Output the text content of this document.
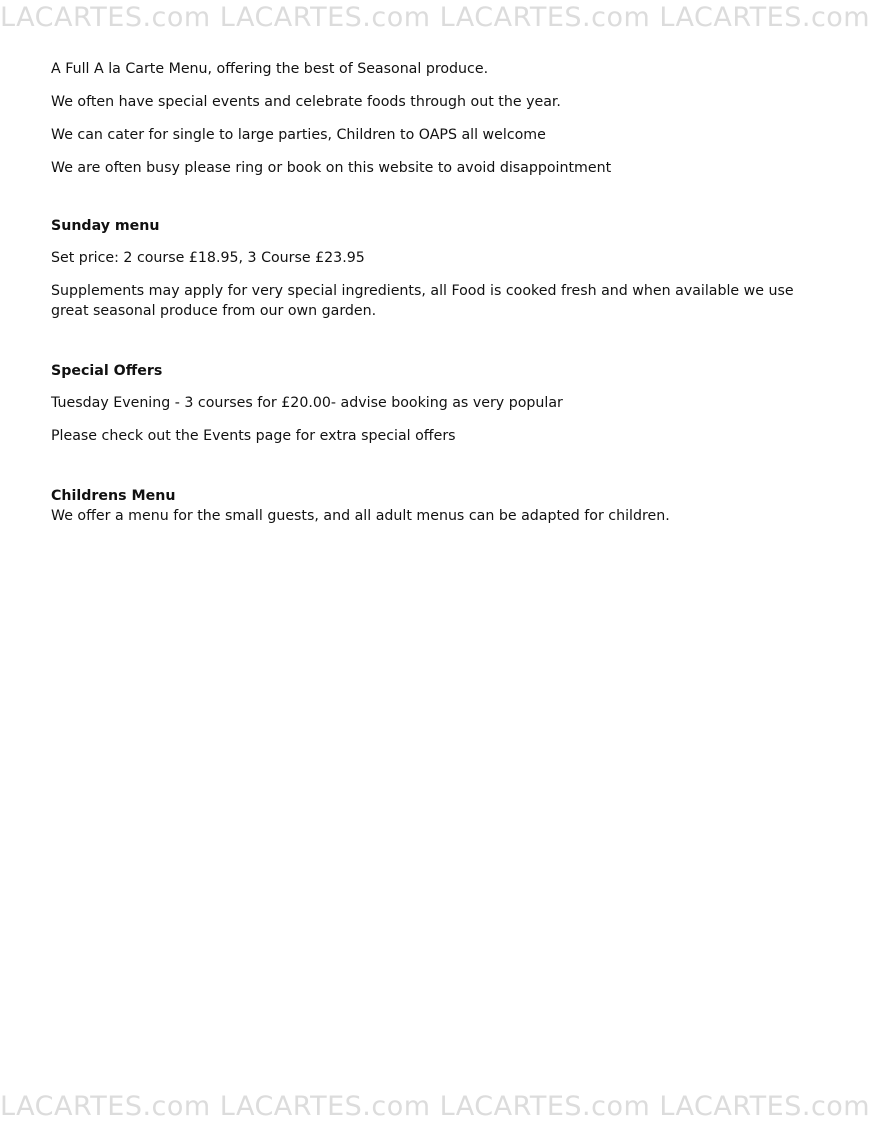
LACARTES.com LACARTES.com LACARTES.com LACARTES.com

A Full A la Carte Menu, offering the best of Seasonal produce.

We often have special events and celebrate foods through out the year.

We can cater for single to large parties, Children to OAPS all welcome

We are often busy please ring or book on this website to avoid disappointment

Sunday menu

Set price: 2 course £18.95, 3 Course £23.95

Supplements may apply for very special ingredients, all Food is cooked fresh and when available we use great seasonal produce from our own garden.

Special Offers

Tuesday Evening - 3 courses for £20.00- advise booking as very popular

Please check out the Events page for extra special offers

Childrens Menu

We offer a menu for the small guests, and all adult menus can be adapted for children.

LACARTES.com LACARTES.com LACARTES.com LACARTES.com
